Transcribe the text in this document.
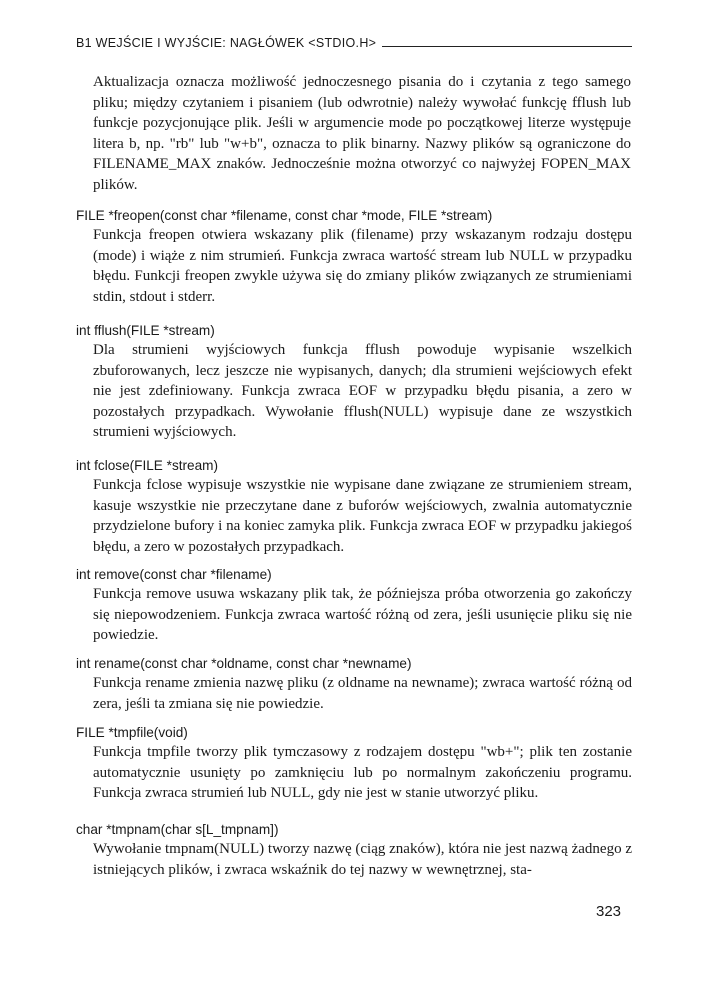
B1 WEJŚCIE I WYJŚCIE: NAGŁÓWEK <STDIO.H>

Aktualizacja oznacza możliwość jednoczesnego pisania do i czytania z tego samego pliku; między czytaniem i pisaniem (lub odwrotnie) należy wywołać funkcję fflush lub funkcje pozycjonujące plik. Jeśli w argumencie mode po początkowej literze występuje litera b, np. "rb" lub "w+b", oznacza to plik binarny. Nazwy plików są ograniczone do FILENAME_MAX znaków. Jednocześnie można otworzyć co najwyżej FOPEN_MAX plików.

FILE *freopen(const char *filename, const char *mode, FILE *stream)

Funkcja freopen otwiera wskazany plik (filename) przy wskazanym rodzaju dostępu (mode) i wiąże z nim strumień. Funkcja zwraca wartość stream lub NULL w przypadku błędu. Funkcji freopen zwykle używa się do zmiany plików związanych ze strumieniami stdin, stdout i stderr.

int fflush(FILE *stream)

Dla strumieni wyjściowych funkcja fflush powoduje wypisanie wszelkich zbuforowanych, lecz jeszcze nie wypisanych, danych; dla strumieni wejściowych efekt nie jest zdefiniowany. Funkcja zwraca EOF w przypadku błędu pisania, a zero w pozostałych przypadkach. Wywołanie fflush(NULL) wypisuje dane ze wszystkich strumieni wyjściowych.

int fclose(FILE *stream)

Funkcja fclose wypisuje wszystkie nie wypisane dane związane ze strumieniem stream, kasuje wszystkie nie przeczytane dane z buforów wejściowych, zwalnia automatycznie przydzielone bufory i na koniec zamyka plik. Funkcja zwraca EOF w przypadku jakiegoś błędu, a zero w pozostałych przypadkach.

int remove(const char *filename)

Funkcja remove usuwa wskazany plik tak, że późniejsza próba otworzenia go zakończy się niepowodzeniem. Funkcja zwraca wartość różną od zera, jeśli usunięcie pliku się nie powiedzie.

int rename(const char *oldname, const char *newname)

Funkcja rename zmienia nazwę pliku (z oldname na newname); zwraca wartość różną od zera, jeśli ta zmiana się nie powiedzie.

FILE *tmpfile(void)

Funkcja tmpfile tworzy plik tymczasowy z rodzajem dostępu "wb+"; plik ten zostanie automatycznie usunięty po zamknięciu lub po normalnym zakończeniu programu. Funkcja zwraca strumień lub NULL, gdy nie jest w stanie utworzyć pliku.

char *tmpnam(char s[L_tmpnam])

Wywołanie tmpnam(NULL) tworzy nazwę (ciąg znaków), która nie jest nazwą żadnego z istniejących plików, i zwraca wskaźnik do tej nazwy w wewnętrznej, sta-

323
